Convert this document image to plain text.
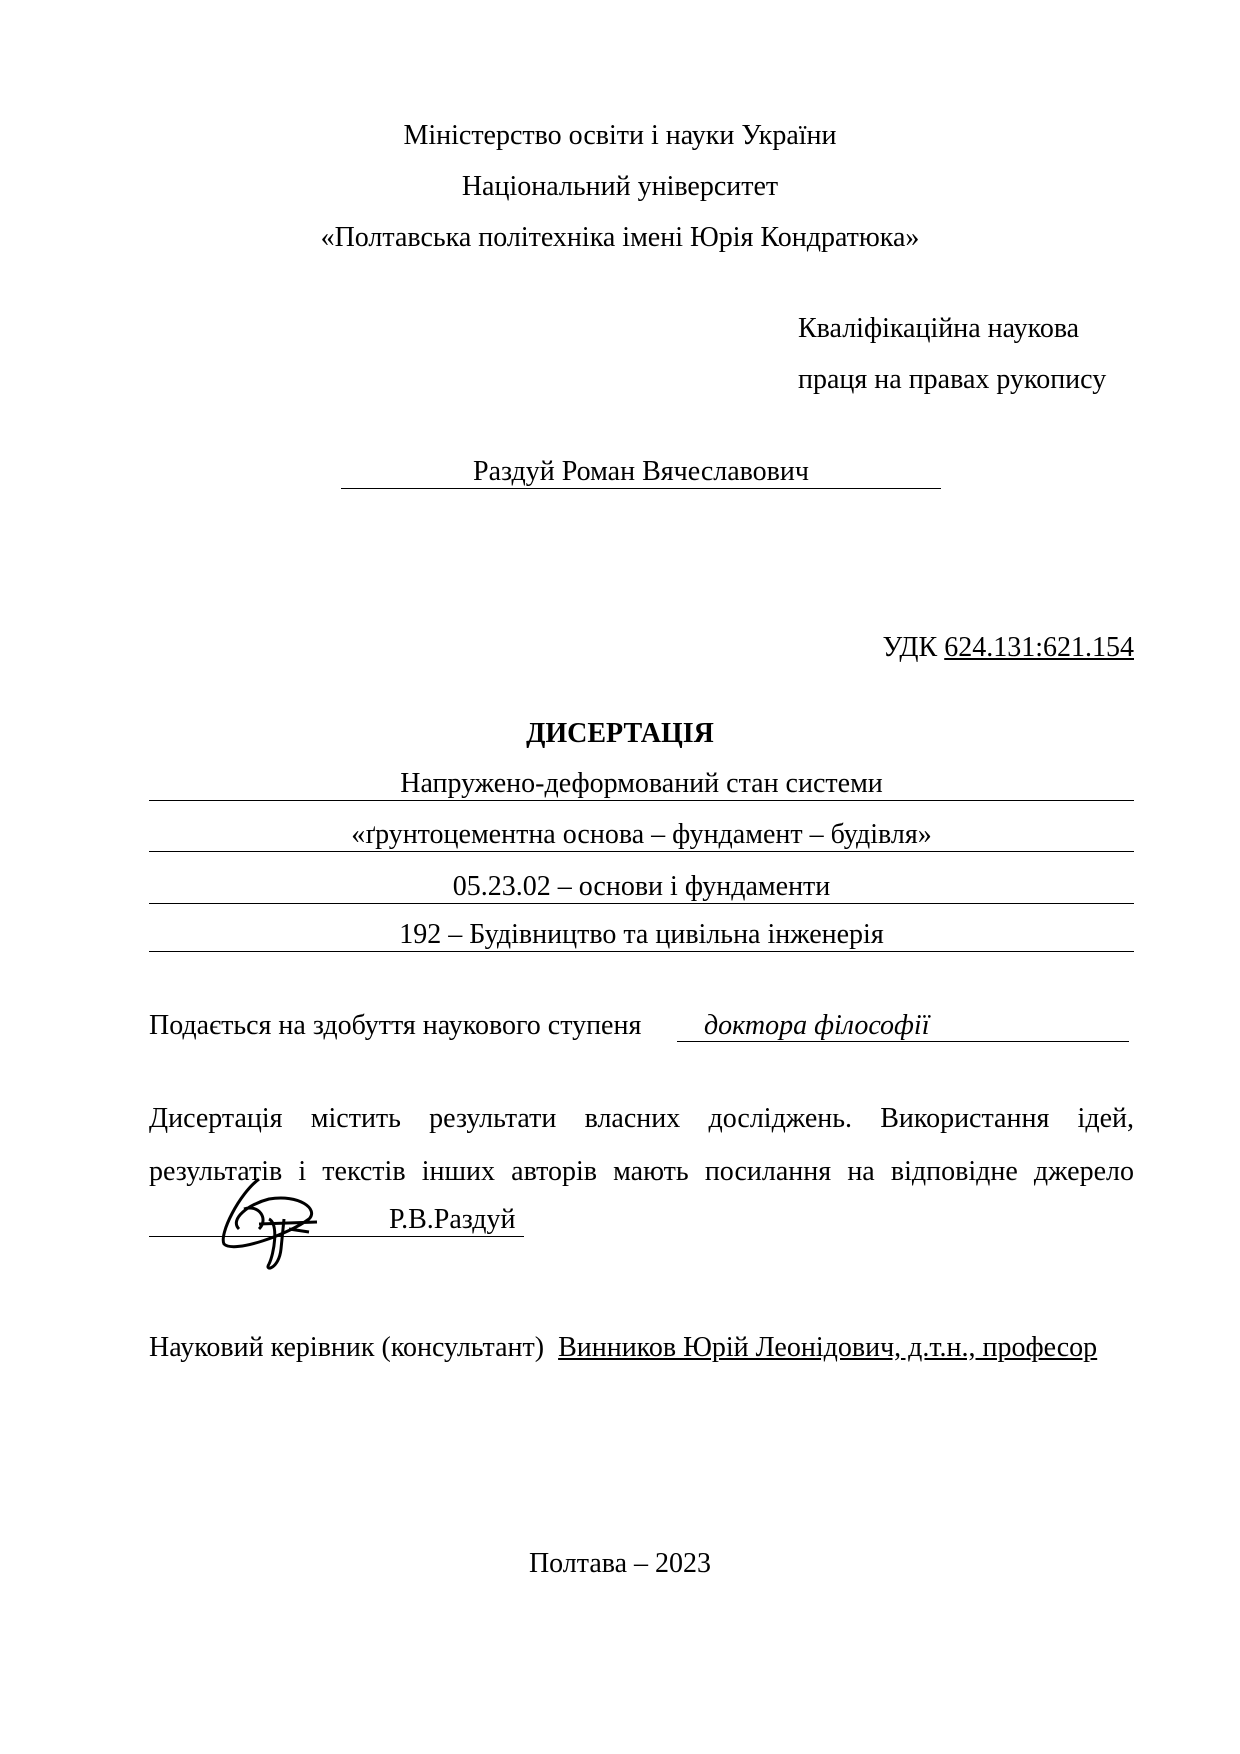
Міністерство освіти і науки України
Національний університет
«Полтавська політехніка імені Юрія Кондратюка»
Кваліфікаційна наукова
праця на правах рукопису
Раздуй Роман Вячеславович
УДК 624.131:621.154
ДИСЕРТАЦІЯ
Напружено-деформований стан системи
«ґрунтоцементна основа – фундамент – будівля»
05.23.02 – основи і фундаменти
192 – Будівництво та цивільна інженерія
Подається на здобуття наукового ступеня	доктора філософії
Дисертація містить результати власних досліджень. Використання ідей,
результатів і текстів інших авторів мають посилання на відповідне джерело
Р.В.Раздуй
Науковий керівник (консультант) Винников Юрій Леонідович, д.т.н., професор
Полтава – 2023
